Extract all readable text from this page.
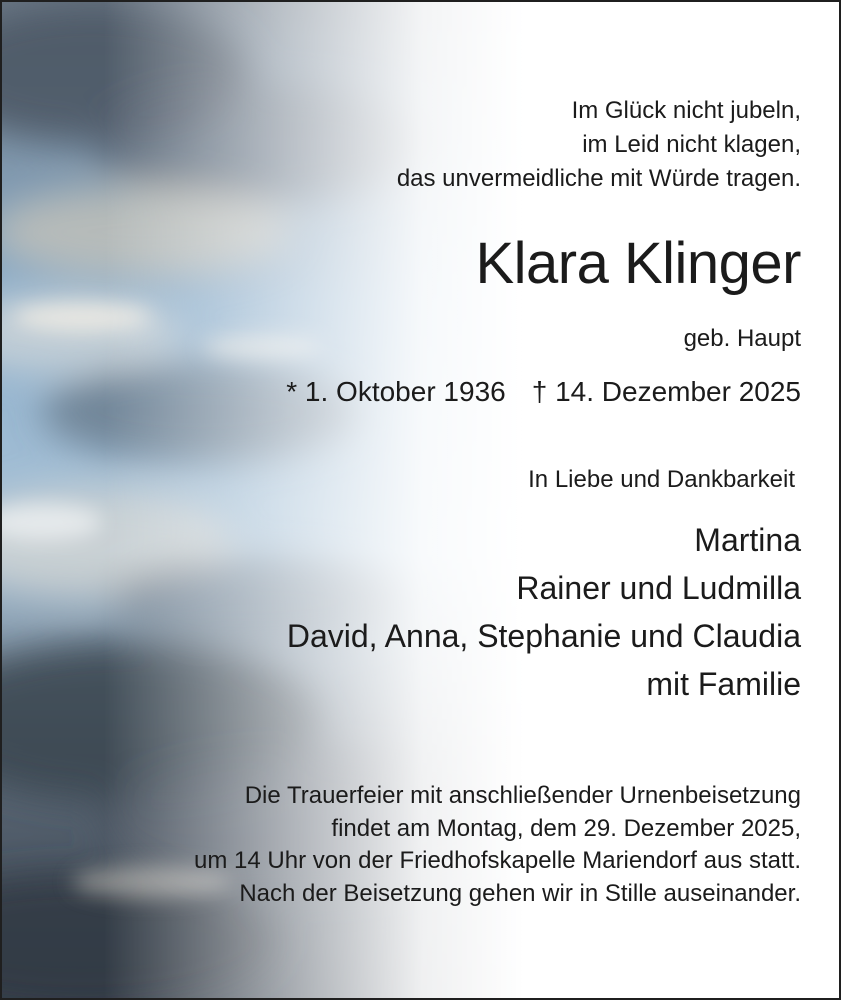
Im Glück nicht jubeln,
im Leid nicht klagen,
das unvermeidliche mit Würde tragen.

Klara Klinger

geb. Haupt

* 1. Oktober 1936 † 14. Dezember 2025

In Liebe und Dankbarkeit

Martina
Rainer und Ludmilla
David, Anna, Stephanie und Claudia
mit Familie

Die Trauerfeier mit anschließender Urnenbeisetzung
findet am Montag, dem 29. Dezember 2025,
um 14 Uhr von der Friedhofskapelle Mariendorf aus statt.
Nach der Beisetzung gehen wir in Stille auseinander.
